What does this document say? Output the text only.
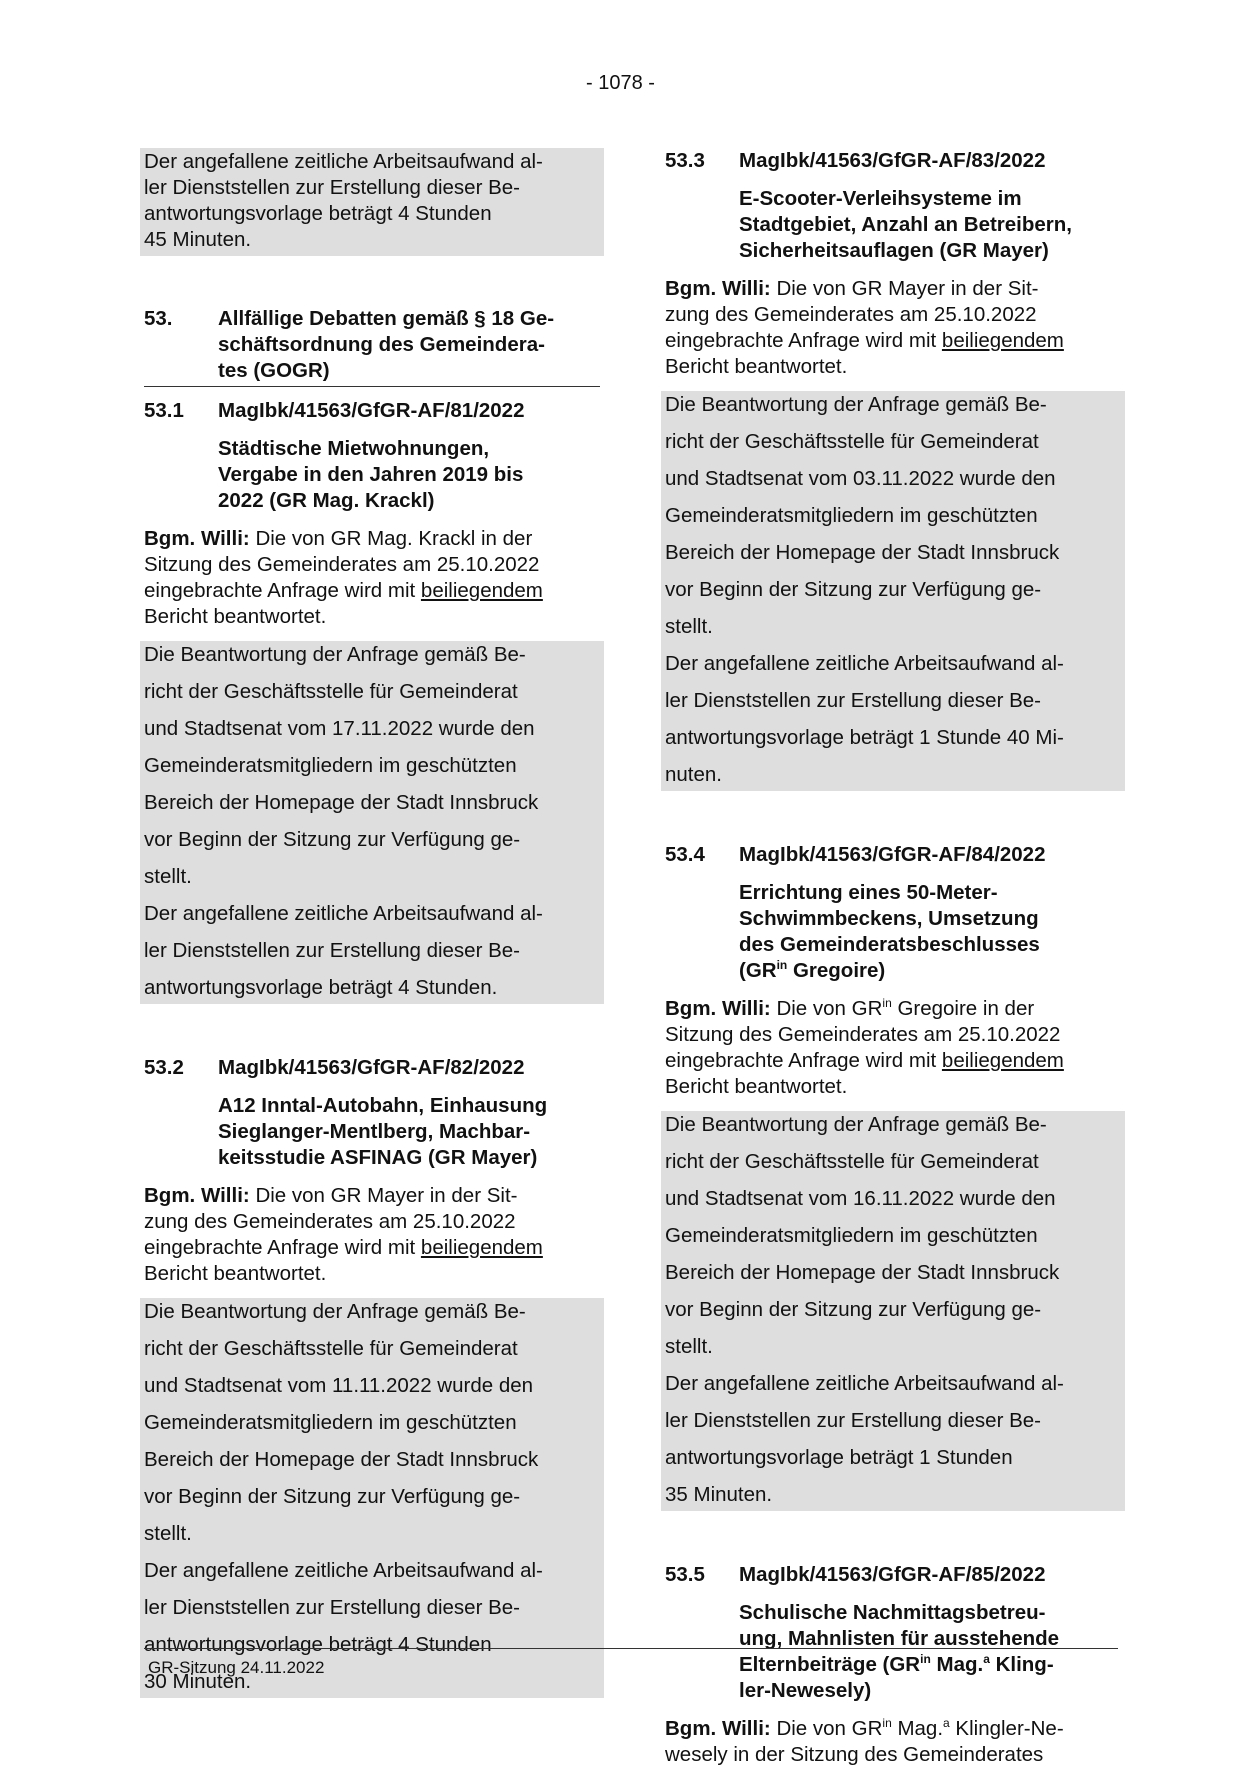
- 1078 -

Der angefallene zeitliche Arbeitsaufwand al-

ler Dienststellen zur Erstellung dieser Be-

antwortungsvorlage beträgt 4 Stunden

45 Minuten.

53.	Allfällige Debatten gemäß § 18 Ge-
schäftsordnung des Gemeindera-
tes (GOGR)
53.1	MagIbk/41563/GfGR-AF/81/2022
Städtische Mietwohnungen,
Vergabe in den Jahren 2019 bis
2022 (GR Mag. Krackl)

Bgm. Willi: Die von GR Mag. Krackl in der

Sitzung des Gemeinderates am 25.10.2022

eingebrachte Anfrage wird mit beiliegendem

Bericht beantwortet.

Die Beantwortung der Anfrage gemäß Be-

richt der Geschäftsstelle für Gemeinderat

und Stadtsenat vom 17.11.2022 wurde den

Gemeinderatsmitgliedern im geschützten

Bereich der Homepage der Stadt Innsbruck

vor Beginn der Sitzung zur Verfügung ge-

stellt.

Der angefallene zeitliche Arbeitsaufwand al-

ler Dienststellen zur Erstellung dieser Be-

antwortungsvorlage beträgt 4 Stunden.

53.2	MagIbk/41563/GfGR-AF/82/2022
A12 Inntal-Autobahn, Einhausung
Sieglanger-Mentlberg, Machbar-
keitsstudie ASFINAG (GR Mayer)

Bgm. Willi: Die von GR Mayer in der Sit-

zung des Gemeinderates am 25.10.2022

eingebrachte Anfrage wird mit beiliegendem

Bericht beantwortet.

Die Beantwortung der Anfrage gemäß Be-

richt der Geschäftsstelle für Gemeinderat

und Stadtsenat vom 11.11.2022 wurde den

Gemeinderatsmitgliedern im geschützten

Bereich der Homepage der Stadt Innsbruck

vor Beginn der Sitzung zur Verfügung ge-

stellt.

Der angefallene zeitliche Arbeitsaufwand al-

ler Dienststellen zur Erstellung dieser Be-

antwortungsvorlage beträgt 4 Stunden

30 Minuten.

53.3	MagIbk/41563/GfGR-AF/83/2022
E-Scooter-Verleihsysteme im
Stadtgebiet, Anzahl an Betreibern,
Sicherheitsauflagen (GR Mayer)

Bgm. Willi: Die von GR Mayer in der Sit-

zung des Gemeinderates am 25.10.2022

eingebrachte Anfrage wird mit beiliegendem

Bericht beantwortet.

Die Beantwortung der Anfrage gemäß Be-

richt der Geschäftsstelle für Gemeinderat

und Stadtsenat vom 03.11.2022 wurde den

Gemeinderatsmitgliedern im geschützten

Bereich der Homepage der Stadt Innsbruck

vor Beginn der Sitzung zur Verfügung ge-

stellt.

Der angefallene zeitliche Arbeitsaufwand al-

ler Dienststellen zur Erstellung dieser Be-

antwortungsvorlage beträgt 1 Stunde 40 Mi-

nuten.

53.4	MagIbk/41563/GfGR-AF/84/2022
Errichtung eines 50-Meter-
Schwimmbeckens, Umsetzung
des Gemeinderatsbeschlusses
($GR^{in}$ Gregoire)

Bgm. Willi: Die von $GR^{in}$ Gregoire in der

Sitzung des Gemeinderates am 25.10.2022

eingebrachte Anfrage wird mit beiliegendem

Bericht beantwortet.

Die Beantwortung der Anfrage gemäß Be-

richt der Geschäftsstelle für Gemeinderat

und Stadtsenat vom 16.11.2022 wurde den

Gemeinderatsmitgliedern im geschützten

Bereich der Homepage der Stadt Innsbruck

vor Beginn der Sitzung zur Verfügung ge-

stellt.

Der angefallene zeitliche Arbeitsaufwand al-

ler Dienststellen zur Erstellung dieser Be-

antwortungsvorlage beträgt 1 Stunden

35 Minuten.

53.5	MagIbk/41563/GfGR-AF/85/2022
Schulische Nachmittagsbetreu-
ung, Mahnlisten für ausstehende
Elternbeiträge ($GR^{in}$ Mag.$^a$ Kling-
ler-Newesely)

Bgm. Willi: Die von $GR^{in}$ Mag.$^a$ Klingler-Ne-

wesely in der Sitzung des Gemeinderates

GR-Sitzung 24.11.2022
